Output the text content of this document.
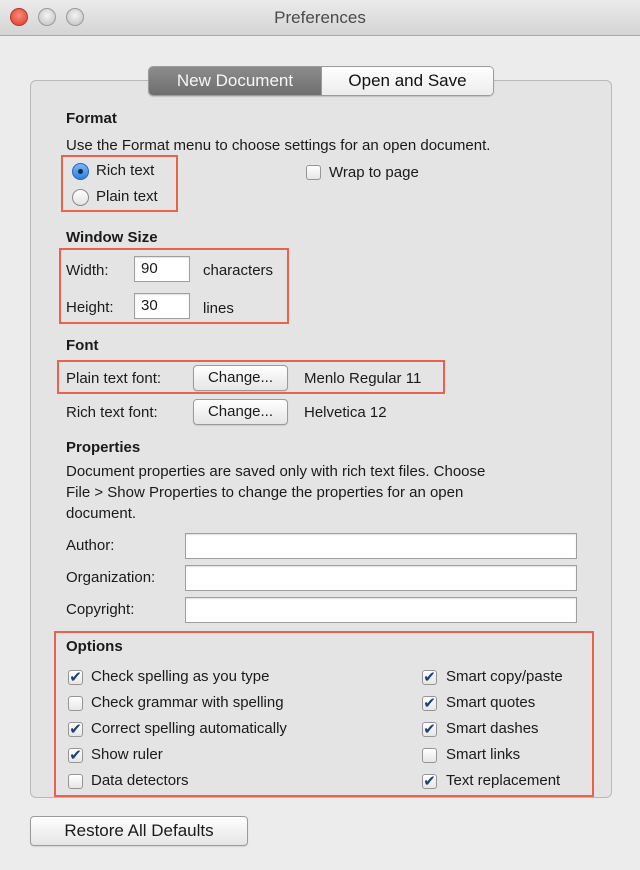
Preferences
New Document	Open and Save
Format
Use the Format menu to choose settings for an open document.
Rich text
Plain text
Wrap to page
Window Size
Width:	90	characters
Height:	30	lines
Font
Plain text font:	Change...	Menlo Regular 11
Rich text font:	Change...	Helvetica 12
Properties
Document properties are saved only with rich text files. Choose
File > Show Properties to change the properties for an open
document.
Author:
Organization:
Copyright:
Options
✔ Check spelling as you type
Check grammar with spelling
✔ Correct spelling automatically
✔ Show ruler
Data detectors
✔ Smart copy/paste
✔ Smart quotes
✔ Smart dashes
Smart links
✔ Text replacement
Restore All Defaults
